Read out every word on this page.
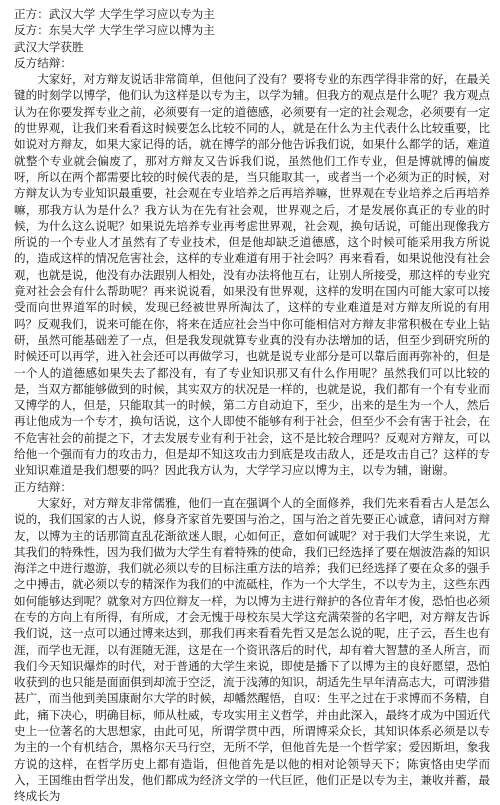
正方：武汉大学 大学生学习应以专为主
反方：东吴大学 大学生学习应以博为主
武汉大学获胜
反方结辩：

大家好，对方辩友说话非常简单，但他问了没有？要将专业的东西学得非常的好，在最关键的时刻学以博学，他们认为这样是以专为主，以学为辅。但我方的观点是什么呢？我方观点认为在你要发挥专业之前，必须要有一定的道德感，必须要有一定的社会观念，必须要有一定的世界观，让我们来看看这时候要怎么比较不同的人，就是在什么为主代表什么比较重要，比如说对方辩友，如果大家记得的话，就在博学的部分他告诉我们说，如果什么都学的话，难道就整个专业就会偏废了，那对方辩友又告诉我们说，虽然他们工作专业，但是博就博的偏废呀，所以在两个都需要比较的时候代表的是，当只能取其一，或者当一个必须为正的时候，对方辩友认为专业知识最重要，社会观在专业培养之后再培养嘛，世界观在专业培养之后再培养嘛，那我方认为是什么？我方认为在先有社会观，世界观之后，才是发展你真正的专业的时候，为什么这么说呢？如果说先培养专业再考虑世界观，社会观，换句话说，可能出现像我方所说的一个专业人才虽然有了专业技术，但是他却缺乏道德感，这个时候可能采用我方所说的，造成这样的情况危害社会，这样的专业难道有用于社会吗？再来看看，如果说他没有社会观，也就是说，他没有办法跟别人相处，没有办法将他互右，让别人所接受，那这样的专业究竟对社会会有什么帮助呢？再来说说看，如果没有世界观，这样的发明在国内可能大家可以接受而向世界道军的时候，发现已经被世界所淘汰了，这样的专业难道是对方辩友所说的有用吗？反观我们，说来可能在你，将来在适应社会当中你可能相信对方辩友非常积极在专业上钻研，虽然可能基础差了一点，但是我发现就算专业真的没有办法增加的话，但至少到研究所的时候还可以再学，进入社会还可以再做学习，也就是说专业部分是可以靠后面再弥补的，但是一个人的道德感如果失去了都没有，有了专业知识那又有什么作用呢？虽然我们可以比较的是，当双方都能够做到的时候，其实双方的状况是一样的，也就是说，我们都有一个有专业而又博学的人，但是，只能取其一的时候，第二方自动迫下，至少，出来的是生为一个人，然后再让他成为一个专才，换句话说，这个人即使不能够有利于社会，但至少不会有害于社会，在不危害社会的前提之下，才去发展专业有利于社会，这不是比较合理吗？反观对方辩友，可以给他一个强而有力的攻击力，但是却不知这攻击力到底是攻击敌人，还是攻击自己？这样的专业知识难道是我们想要的吗？因此我方认为，大学学习应以博为主，以专为辅，谢谢。

正方结辩：

大家好，对方辩友非常儒雅，他们一直在强调个人的全面修养，我们先来看看古人是怎么说的，我们国家的古人说，修身齐家首先要国与治之，国与治之首先要正心诚意，请问对方辩友，以博为主的话那简直乱花渐欲迷人眼，心如何正，意如何诚呢？对于我们大学生来说，尤其我们的特殊性，因为我们做为大学生有着特殊的使命，我们已经选择了要在烟波浩淼的知识海洋之中进行遨游，我们就必须以专的目标注重方法的培养；我们已经选择了要在众多的强手之中搏击，就必须以专的精深作为我们的中流砥柱，作为一个大学生，不以专为主，这些东西如何能够达到呢？就象对方四位辩友一样，为以博为主进行辩护的各位青年才俊，恐怕也必须在专的方向上有所得，有所成，才会无愧于母校东吴大学这充满荣誉的名字吧，对方辩友告诉我们说，这一点可以通过博来达到，那我们再来看看先哲又是怎么说的呢，庄子云，吾生也有涯，而学也无涯，以有涯随无涯，这是在一个资讯落后的时代，却有着大智慧的圣人所言，而我们今天知识爆炸的时代，对于普通的大学生来说，即使是播下了以博为主的良好愿望，恐怕收获到的也只能是面面俱到却流于空泛，流于浅薄的知识，胡适先生早年清高志大，可谓涉猎甚广，而当他到美国康耐尔大学的时候，却幡然醒悟，自叹：生平之过在于求博而不务精，自此，痛下决心，明确目标，师从杜威，专攻实用主义哲学，并由此深入，最终才成为中国近代史上一位著名的大思想家，由此可见，所谓学贯中西，所谓博采众长，其知识体系必须是以专为主的一个有机结合，黑格尔天马行空，无所不学，但他首先是一个哲学家；爱因斯坦，象我方说的这样，在哲学历史上都有造诣，但他首先是以他的相对论领导天下；陈寅恪由史学而入，王国维由哲学出发，他们都成为经济文学的一代巨匠，他们正是以专为主，兼收并蓄，最终成长为
